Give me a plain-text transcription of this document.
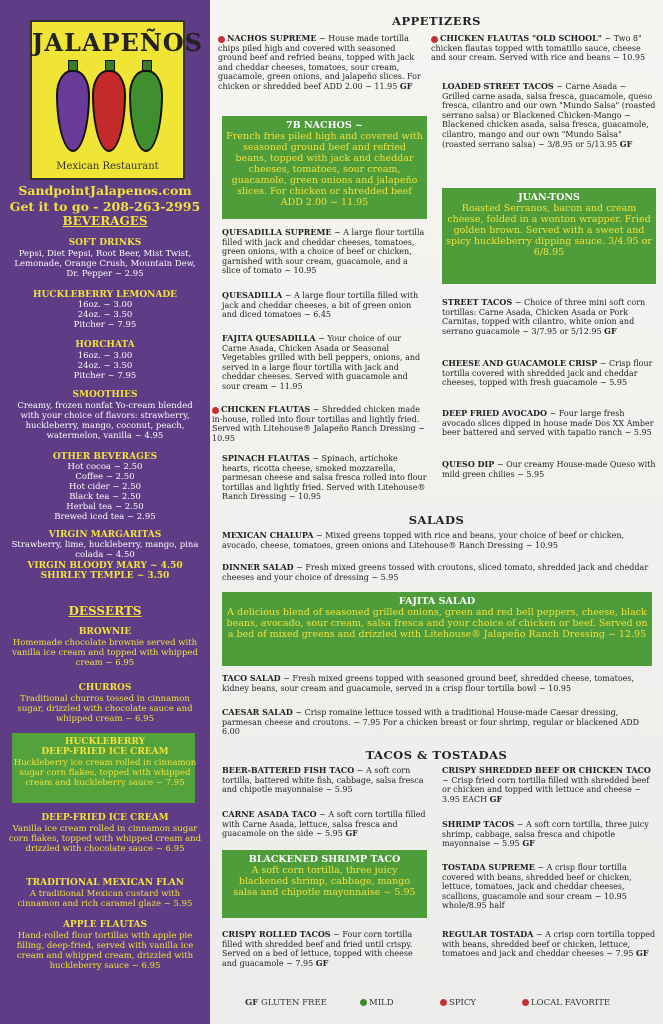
JALAPEÑOS
Mexican Restaurant
SandpointJalapenos.com
Get it to go - 208-263-2995
BEVERAGES
SOFT DRINKS
Pepsi, Diet Pepsi, Root Beer, Mist Twist, Lemonade, Orange Crush, Mountain Dew, Dr. Pepper ~ 2.95
HUCKLEBERRY LEMONADE
16oz. ~ 3.00
24oz. ~ 3.50
Pitcher ~ 7.95
HORCHATA
16oz. ~ 3.00
24oz. ~ 3.50
Pitcher ~ 7.95
SMOOTHIES
Creamy, frozen nonfat Yo-cream blended with your choice of flavors: strawberry, huckleberry, mango, coconut, peach, watermelon, vanilla ~ 4.95
OTHER BEVERAGES
Hot cocoa ~ 2.50
Coffee ~ 2.50
Hot cider ~ 2.50
Black tea ~ 2.50
Herbal tea ~ 2.50
Brewed iced tea ~ 2.95
VIRGIN MARGARITAS
Strawberry, lime, huckleberry, mango, pina colada ~ 4.50
VIRGIN BLOODY MARY ~ 4.50
SHIRLEY TEMPLE ~ 3.50
DESSERTS
BROWNIE
Homemade chocolate brownie served with vanilla ice cream and topped with whipped cream ~ 6.95
CHURROS
Traditional churros tossed in cinnamon sugar, drizzled with chocolate sauce and whipped cream ~ 6.95
HUCKLEBERRY
DEEP-FRIED ICE CREAM
Huckleberry ice cream rolled in cinnamon sugar corn flakes, topped with whipped cream and huckleberry sauce ~ 7.95
DEEP-FRIED ICE CREAM
Vanilla ice cream rolled in cinnamon sugar corn flakes, topped with whipped cream and drizzled with chocolate sauce ~ 6.95
TRADITIONAL MEXICAN FLAN
A traditional Mexican custard with cinnamon and rich caramel glaze ~ 5.95
APPLE FLAUTAS
Hand-rolled flour tortillas with apple pie filling, deep-fried, served with vanilla ice cream and whipped cream, drizzled with huckleberry sauce ~ 6.95
APPETIZERS
NACHOS SUPREME ~ House made tortilla chips piled high and covered with seasoned ground beef and refried beans, topped with jack and cheddar cheeses, tomatoes, sour cream, guacamole, green onions, and jalapeño slices. For chicken or shredded beef ADD 2.00 ~ 11.95 GF
7B NACHOS ~
French fries piled high and covered with seasoned ground beef and refried beans, topped with jack and cheddar cheeses, tomatoes, sour cream, guacamole, green onions and jalapeño slices. For chicken or shredded beef ADD 2.00 ~ 11.95
QUESADILLA SUPREME ~ A large flour tortilla filled with jack and cheddar cheeses, tomatoes, green onions, with a choice of beef or chicken, garnished with sour cream, guacamole, and a slice of tomato ~ 10.95
QUESADILLA ~ A large flour tortilla filled with jack and cheddar cheeses, a bit of green onion and diced tomatoes ~ 6.45
FAJITA QUESADILLA ~ Your choice of our Carne Asada, Chicken Asada or Seasonal Vegetables grilled with bell peppers, onions, and served in a large flour tortilla with jack and cheddar cheeses. Served with guacamole and sour cream ~ 11.95
CHICKEN FLAUTAS ~ Shredded chicken made in-house, rolled into flour tortillas and lightly fried. Served with Litehouse® Jalapeño Ranch Dressing ~ 10.95
SPINACH FLAUTAS ~ Spinach, artichoke hearts, ricotta cheese, smoked mozzarella, parmesan cheese and salsa fresca rolled into flour tortillas and lightly fried. Served with Litehouse® Ranch Dressing ~ 10.95
CHICKEN FLAUTAS "OLD SCHOOL" ~ Two 8" chicken flautas topped with tomatillo sauce, cheese and sour cream. Served with rice and beans ~ 10.95
LOADED STREET TACOS ~ Carne Asada ~ Grilled carne asada, salsa fresca, guacamole, queso fresca, cilantro and our own "Mundo Salsa" (roasted serrano salsa) or Blackened Chicken-Mango ~ Blackened chicken asada, salsa fresca, guacamole, cilantro, mango and our own "Mundo Salsa" (roasted serrano salsa) ~ 3/8.95 or 5/13.95 GF
JUAN-TONS
Roasted Serranos, bacon and cream cheese, folded in a wonton wrapper. Fried golden brown. Served with a sweet and spicy huckleberry dipping sauce. 3/4.95 or 6/8.95
STREET TACOS ~ Choice of three mini soft corn tortillas: Carne Asada, Chicken Asada or Pork Carnitas, topped with cilantro, white onion and serrano guacamole ~ 3/7.95 or 5/12.95 GF
CHEESE AND GUACAMOLE CRISP ~ Crisp flour tortilla covered with shredded jack and cheddar cheeses, topped with fresh guacamole ~ 5.95
DEEP FRIED AVOCADO ~ Four large fresh avocado slices dipped in house made Dos XX Amber beer battered and served with tapatio ranch ~ 5.95
QUESO DIP ~ Our creamy House-made Queso with mild green chilies ~ 5.95
SALADS
MEXICAN CHALUPA ~ Mixed greens topped with rice and beans, your choice of beef or chicken, avocado, cheese, tomatoes, green onions and Litehouse® Ranch Dressing ~ 10.95
DINNER SALAD ~ Fresh mixed greens tossed with croutons, sliced tomato, shredded jack and cheddar cheeses and your choice of dressing ~ 5.95
FAJITA SALAD
A delicious blend of seasoned grilled onions, green and red bell peppers, cheese, black beans, avocado, sour cream, salsa fresca and your choice of chicken or beef. Served on a bed of mixed greens and drizzled with Litehouse® Jalapeño Ranch Dressing ~ 12.95
TACO SALAD ~ Fresh mixed greens topped with seasoned ground beef, shredded cheese, tomatoes, kidney beans, sour cream and guacamole, served in a crisp flour tortilla bowl ~ 10.95
CAESAR SALAD ~ Crisp romaine lettuce tossed with a traditional House-made Caesar dressing, parmesan cheese and croutons. ~ 7.95 For a chicken breast or four shrimp, regular or blackened ADD 6.00
TACOS & TOSTADAS
BEER-BATTERED FISH TACO ~ A soft corn tortilla, battered white fish, cabbage, salsa fresca and chipotle mayonnaise ~ 5.95
CARNE ASADA TACO ~ A soft corn tortilla filled with Carne Asada, lettuce, salsa fresca and guacamole on the side ~ 5.95 GF
BLACKENED SHRIMP TACO
A soft corn tortilla, three juicy blackened shrimp, cabbage, mango salsa and chipotle mayonnaise ~ 5.95
CRISPY ROLLED TACOS ~ Four corn tortilla filled with shredded beef and fried until crispy. Served on a bed of lettuce, topped with cheese and guacamole ~ 7.95 GF
CRISPY SHREDDED BEEF OR CHICKEN TACO ~ Crisp fried corn tortilla filled with shredded beef or chicken and topped with lettuce and cheese ~ 3.95 EACH GF
SHRIMP TACOS ~ A soft corn tortilla, three juicy shrimp, cabbage, salsa fresca and chipotle mayonnaise ~ 5.95 GF
TOSTADA SUPREME ~ A crisp flour tortilla covered with beans, shredded beef or chicken, lettuce, tomatoes, jack and cheddar cheeses, scallions, guacamole and sour cream ~ 10.95 whole/8.95 half
REGULAR TOSTADA ~ A crisp corn tortilla topped with beans, shredded beef or chicken, lettuce, tomatoes and jack and cheddar cheeses ~ 7.95 GF
GF GLUTEN FREE	MILD	SPICY	LOCAL FAVORITE
